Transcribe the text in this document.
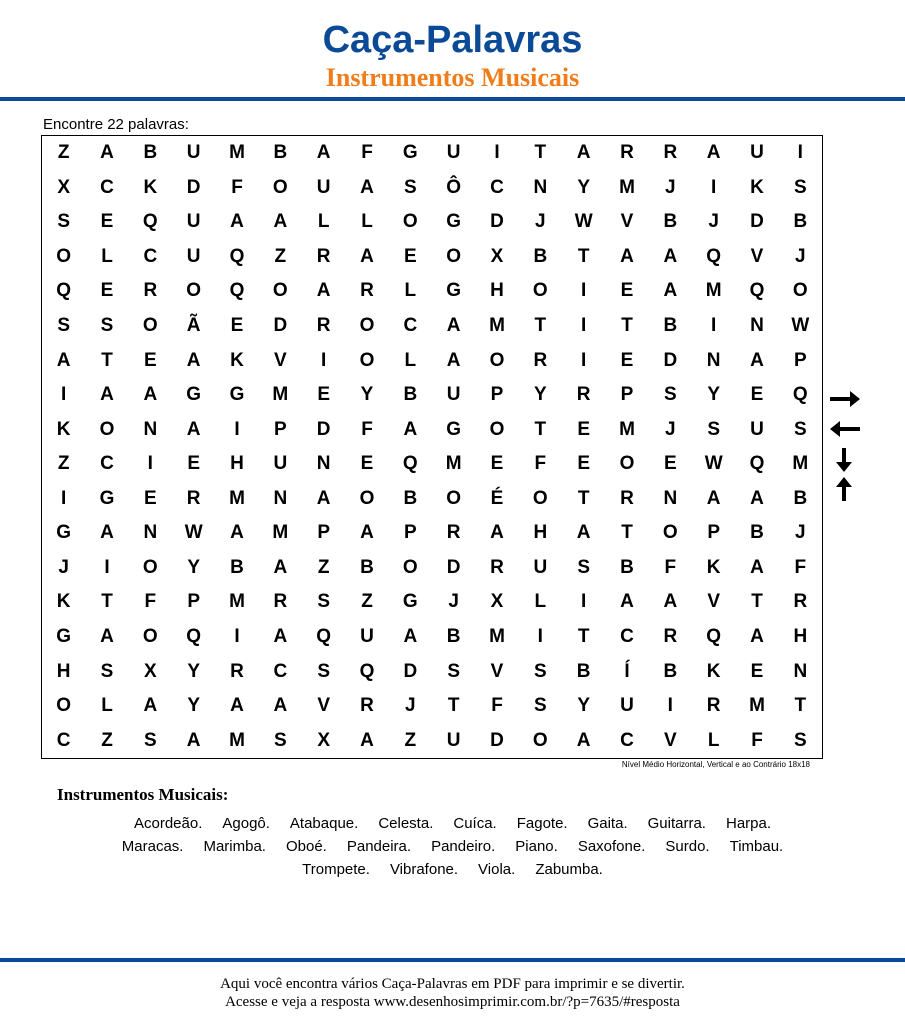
Caça-Palavras
Instrumentos Musicais
Encontre 22 palavras:
Z	A	B	U	M	B	A	F	G	U	I	T	A	R	R	A	U	I
X	C	K	D	F	O	U	A	S	Ô	C	N	Y	M	J	I	K	S
S	E	Q	U	A	A	L	L	O	G	D	J	W	V	B	J	D	B
O	L	C	U	Q	Z	R	A	E	O	X	B	T	A	A	Q	V	J
Q	E	R	O	Q	O	A	R	L	G	H	O	I	E	A	M	Q	O
S	S	O	Ã	E	D	R	O	C	A	M	T	I	T	B	I	N	W
A	T	E	A	K	V	I	O	L	A	O	R	I	E	D	N	A	P
I	A	A	G	G	M	E	Y	B	U	P	Y	R	P	S	Y	E	Q
K	O	N	A	I	P	D	F	A	G	O	T	E	M	J	S	U	S
Z	C	I	E	H	U	N	E	Q	M	E	F	E	O	E	W	Q	M
I	G	E	R	M	N	A	O	B	O	É	O	T	R	N	A	A	B
G	A	N	W	A	M	P	A	P	R	A	H	A	T	O	P	B	J
J	I	O	Y	B	A	Z	B	O	D	R	U	S	B	F	K	A	F
K	T	F	P	M	R	S	Z	G	J	X	L	I	A	A	V	T	R
G	A	O	Q	I	A	Q	U	A	B	M	I	T	C	R	Q	A	H
H	S	X	Y	R	C	S	Q	D	S	V	S	B	Í	B	K	E	N
O	L	A	Y	A	A	V	R	J	T	F	S	Y	U	I	R	M	T
C	Z	S	A	M	S	X	A	Z	U	D	O	A	C	V	L	F	S
Nível Médio Horizontal, Vertical e ao Contrário 18x18
Instrumentos Musicais:
Acordeão. Agogô. Atabaque. Celesta. Cuíca. Fagote. Gaita. Guitarra. Harpa.
Maracas. Marimba. Oboé. Pandeira. Pandeiro. Piano. Saxofone. Surdo. Timbau.
Trompete. Vibrafone. Viola. Zabumba.
Aqui você encontra vários Caça-Palavras em PDF para imprimir e se divertir.
Acesse e veja a resposta www.desenhosimprimir.com.br/?p=7635/#resposta
